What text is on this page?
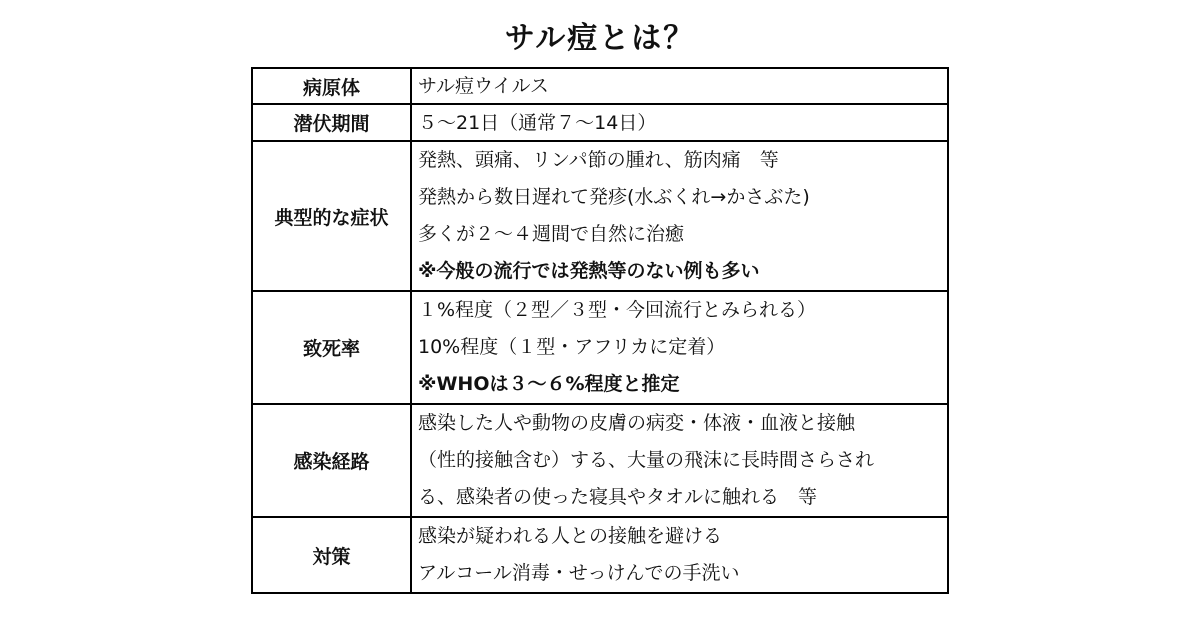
サル痘とは？
病原体	サル痘ウイルス

潜伏期間	５～21日（通常７～14日）

典型的な症状	発熱、頭痛、リンパ節の腫れ、筋肉痛　等
発熱から数日遅れて発疹(水ぶくれ→かさぶた)
多くが２～４週間で自然に治癒
※今般の流行では発熱等のない例も多い

致死率	１%程度（２型／３型・今回流行とみられる）
10%程度（１型・アフリカに定着）
※WHOは３～６%程度と推定

感染経路	感染した人や動物の皮膚の病変・体液・血液と接触
（性的接触含む）する、大量の飛沫に長時間さらされ
る、感染者の使った寝具やタオルに触れる　等

対策	感染が疑われる人との接触を避ける
アルコール消毒・せっけんでの手洗い
